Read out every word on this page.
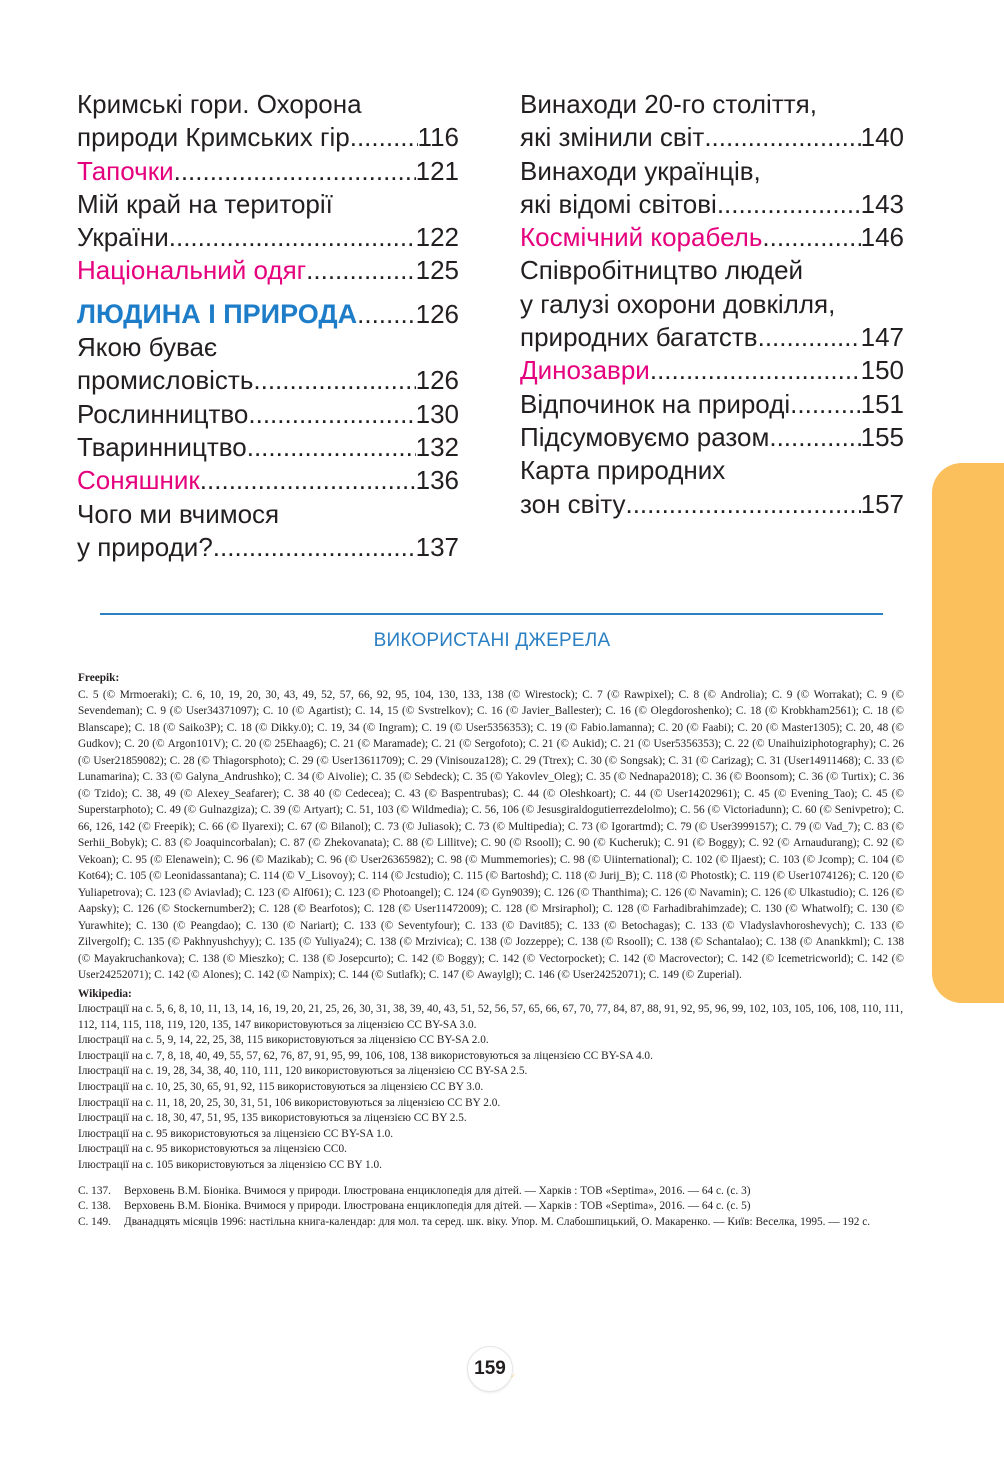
Кримські гори. Охорона
природи Кримських гір .....	116
Тапочки .....	121
Мій край на території
України .....	122
Національний одяг .....	125
ЛЮДИНА І ПРИРОДА ..... 126
Якою буває
промисловість .....	126
Рослинництво .....	130
Тваринництво .....	132
Соняшник .....	136
Чого ми вчимося
у природи? .....	137
Винаходи 20-го століття,
які змінили світ .....	140
Винаходи українців,
які відомі світові .....	143
Космічний корабель .....	146
Співробітництво людей
у галузі охорони довкілля,
природних багатств .....	147
Динозаври .....	150
Відпочинок на природі .....	151
Підсумовуємо разом .....	155
Карта природних
зон світу .....	157
ВИКОРИСТАНІ ДЖЕРЕЛА

Freepik:

С. 5 (© Mrmoeraki); С. 6, 10, 19, 20, 30, 43, 49, 52, 57, 66, 92, 95, 104, 130, 133, 138 (© Wirestock); С. 7 (© Rawpixel); С. 8 (© Androlia); С. 9 (© Worrakat); С. 9 (© Sevendeman); С. 9 (© User34371097); С. 10 (© Agartist); С. 14, 15 (© Svstrelkov); С. 16 (© Javier_Ballester); С. 16 (© Olegdoroshenko); С. 18 (© Krobkham2561); С. 18 (© Blanscape); С. 18 (© Saiko3P); С. 18 (© Dikky.0); С. 19, 34 (© Ingram); С. 19 (© User5356353); С. 19 (© Fabio.lamanna); С. 20 (© Faabi); С. 20 (© Master1305); С. 20, 48 (© Gudkov); С. 20 (© Argon101V); С. 20 (© 25Ehaag6); С. 21 (© Maramade); С. 21 (© Sergofoto); С. 21 (© Aukid); С. 21 (© User5356353); С. 22 (© Unaihuiziphotography); С. 26 (© User21859082); С. 28 (© Thiagorsphoto); С. 29 (© User13611709); С. 29 (Vinisouza128); С. 29 (Ttrex); С. 30 (© Songsak); С. 31 (© Carizag); С. 31 (User14911468); С. 33 (© Lunamarina); С. 33 (© Galyna_Andrushko); С. 34 (© Aivolie); С. 35 (© Sebdeck); С. 35 (© Yakovlev_Oleg); С. 35 (© Nednapa2018); С. 36 (© Boonsom); С. 36 (© Turtix); С. 36 (© Tzido); С. 38, 49 (© Alexey_Seafarer); С. 38 40 (© Cedecea); С. 43 (© Baspentrubas); С. 44 (© Oleshkoart); С. 44 (© User14202961); С. 45 (© Evening_Tao); С. 45 (© Superstarphoto); С. 49 (© Gulnazgiza); С. 39 (© Artyart); С. 51, 103 (© Wildmedia); С. 56, 106 (© Jesusgiraldogutierrezdelolmo); С. 56 (© Victoriadunn); С. 60 (© Senivpetro); С. 66, 126, 142 (© Freepik); С. 66 (© Ilyarexi); С. 67 (© Bilanol); С. 73 (© Juliasok); С. 73 (© Multipedia); С. 73 (© Igorartmd); С. 79 (© User3999157); С. 79 (© Vad_7); С. 83 (© Serhii_Bobyk); С. 83 (© Joaquincorbalan); С. 87 (© Zhekovanata); С. 88 (© Lillitve); С. 90 (© Rsooll); С. 90 (© Kucheruk); С. 91 (© Boggy); С. 92 (© Arnaudurang); С. 92 (© Vekoan); С. 95 (© Elenawein); С. 96 (© Mazikab); С. 96 (© User26365982); С. 98 (© Mummemories); С. 98 (© Uiinternational); С. 102 (© Iljaest); С. 103 (© Jcomp); С. 104 (© Kot64); С. 105 (© Leonidassantana); С. 114 (© V_Lisovoy); С. 114 (© Jcstudio); С. 115 (© Bartoshd); С. 118 (© Jurij_B); С. 118 (© Photostk); С. 119 (© User1074126); С. 120 (© Yuliapetrova); С. 123 (© Aviavlad); С. 123 (© Alf061); С. 123 (© Photoangel); С. 124 (© Gyn9039); С. 126 (© Thanthima); С. 126 (© Navamin); С. 126 (© Ulkastudio); С. 126 (© Aapsky); С. 126 (© Stockernumber2); С. 128 (© Bearfotos); С. 128 (© User11472009); С. 128 (© Mrsiraphol); С. 128 (© Farhadibrahimzade); С. 130 (© Whatwolf); С. 130 (© Yurawhite); С. 130 (© Peangdao); С. 130 (© Nariart); С. 133 (© Seventyfour); С. 133 (© Davit85); С. 133 (© Betochagas); С. 133 (© Vladyslavhoroshevych); С. 133 (© Zilvergolf); С. 135 (© Pakhnyushchyy); С. 135 (© Yuliya24); С. 138 (© Mrzivica); С. 138 (© Jozzeppe); С. 138 (© Rsooll); С. 138 (© Schantalao); С. 138 (© Anankkml); С. 138 (© Mayakruchankova); С. 138 (© Mieszko); С. 138 (© Josepcurto); С. 142 (© Boggy); С. 142 (© Vectorpocket); С. 142 (© Macrovector); С. 142 (© Icemetricworld); С. 142 (© User24252071); С. 142 (© Alones); С. 142 (© Nampix); С. 144 (© Sutlafk); С. 147 (© Awaylgl); С. 146 (© User24252071); С. 149 (© Zuperial).

Wikipedia:

Ілюстрації на с. 5, 6, 8, 10, 11, 13, 14, 16, 19, 20, 21, 25, 26, 30, 31, 38, 39, 40, 43, 51, 52, 56, 57, 65, 66, 67, 70, 77, 84, 87, 88, 91, 92, 95, 96, 99, 102, 103, 105, 106, 108, 110, 111, 112, 114, 115, 118, 119, 120, 135, 147 використовуються за ліцензією CC BY-SA 3.0.

Ілюстрації на с. 5, 9, 14, 22, 25, 38, 115 використовуються за ліцензією CC BY-SA 2.0.

Ілюстрації на с. 7, 8, 18, 40, 49, 55, 57, 62, 76, 87, 91, 95, 99, 106, 108, 138 використовуються за ліцензією CC BY-SA 4.0.

Ілюстрації на с. 19, 28, 34, 38, 40, 110, 111, 120 використовуються за ліцензією CC BY-SA 2.5.

Ілюстрації на с. 10, 25, 30, 65, 91, 92, 115 використовуються за ліцензією CC BY 3.0.

Ілюстрації на с. 11, 18, 20, 25, 30, 31, 51, 106 використовуються за ліцензією CC BY 2.0.

Ілюстрації на с. 18, 30, 47, 51, 95, 135 використовуються за ліцензією CC BY 2.5.

Ілюстрації на с. 95 використовуються за ліцензією CC BY-SA 1.0.

Ілюстрації на с. 95 використовуються за ліцензією CC0.

Ілюстрації на с. 105 використовуються за ліцензією CC BY 1.0.

С. 137.	Верховень В.М. Біоніка. Вчимося у природи. Ілюстрована енциклопедія для дітей. — Харків : ТОВ «Septima», 2016. — 64 с. (с. 3)
С. 138.	Верховень В.М. Біоніка. Вчимося у природи. Ілюстрована енциклопедія для дітей. — Харків : ТОВ «Septima», 2016. — 64 с. (с. 5)
С. 149.	Дванадцять місяців 1996: настільна книга-календар: для мол. та серед. шк. віку. Упор. М. Слабошпицький, О. Макаренко. — Київ: Веселка, 1995. — 192 с.
159
